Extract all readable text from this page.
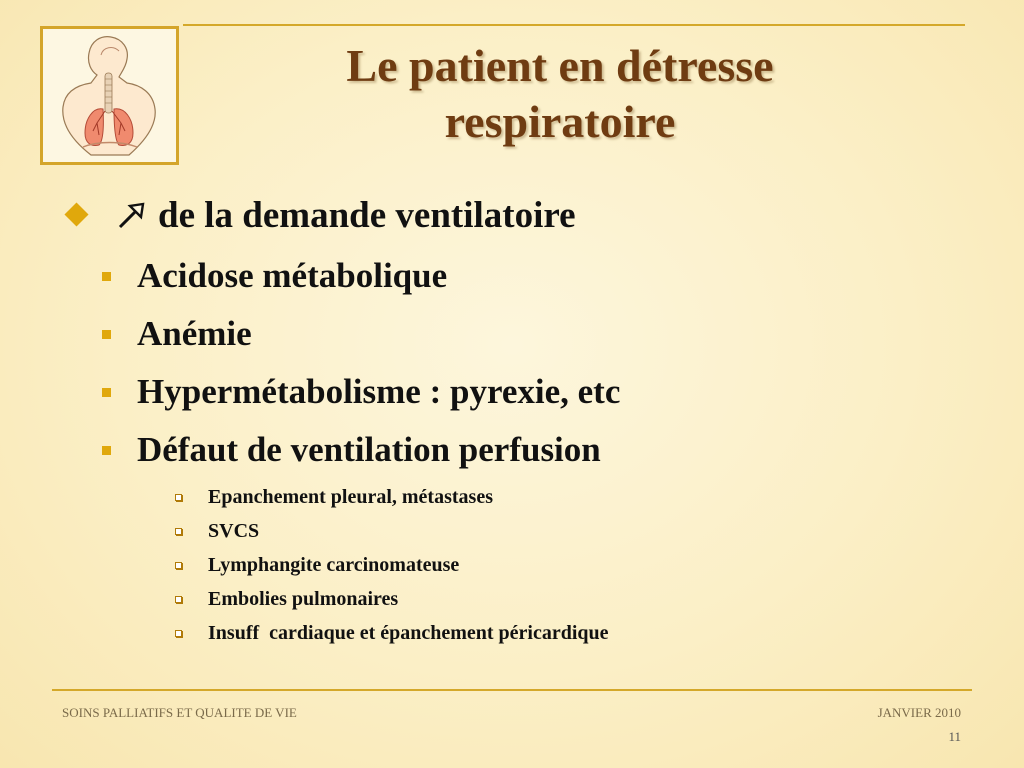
Le patient en détresse
respiratoire
de la demande ventilatoire
Acidose métabolique
Anémie
Hypermétabolisme : pyrexie, etc
Défaut de ventilation perfusion
Epanchement pleural, métastases
SVCS
Lymphangite carcinomateuse
Embolies pulmonaires
Insuff  cardiaque et épanchement péricardique
SOINS PALLIATIFS ET QUALITE DE VIE	JANVIER 2010
11
